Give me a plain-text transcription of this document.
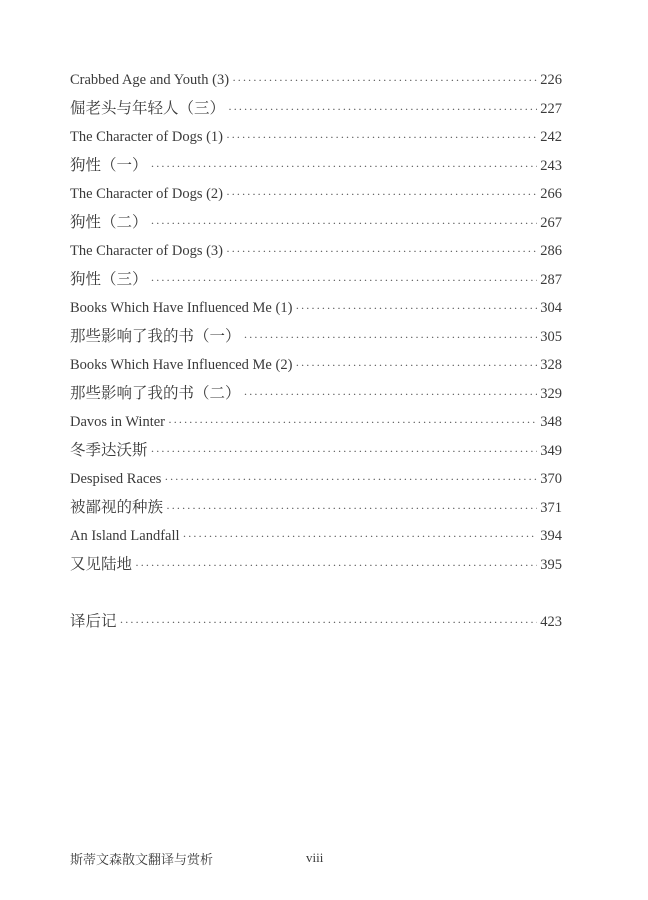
Crabbed Age and Youth (3) ·····	226
倔老头与年轻人（三） ·····	227
The Character of Dogs (1) ·····	242
狗性（一） ·····	243
The Character of Dogs (2) ·····	266
狗性（二） ·····	267
The Character of Dogs (3) ·····	286
狗性（三） ·····	287
Books Which Have Influenced Me (1) ·····	304
那些影响了我的书（一） ·····	305
Books Which Have Influenced Me (2) ·····	328
那些影响了我的书（二） ·····	329
Davos in Winter ·····	348
冬季达沃斯 ·····	349
Despised Races ·····	370
被鄙视的种族 ·····	371
An Island Landfall ·····	394
又见陆地 ·····	395
译后记 ·····	423
斯蒂文森散文翻译与赏析	viii
